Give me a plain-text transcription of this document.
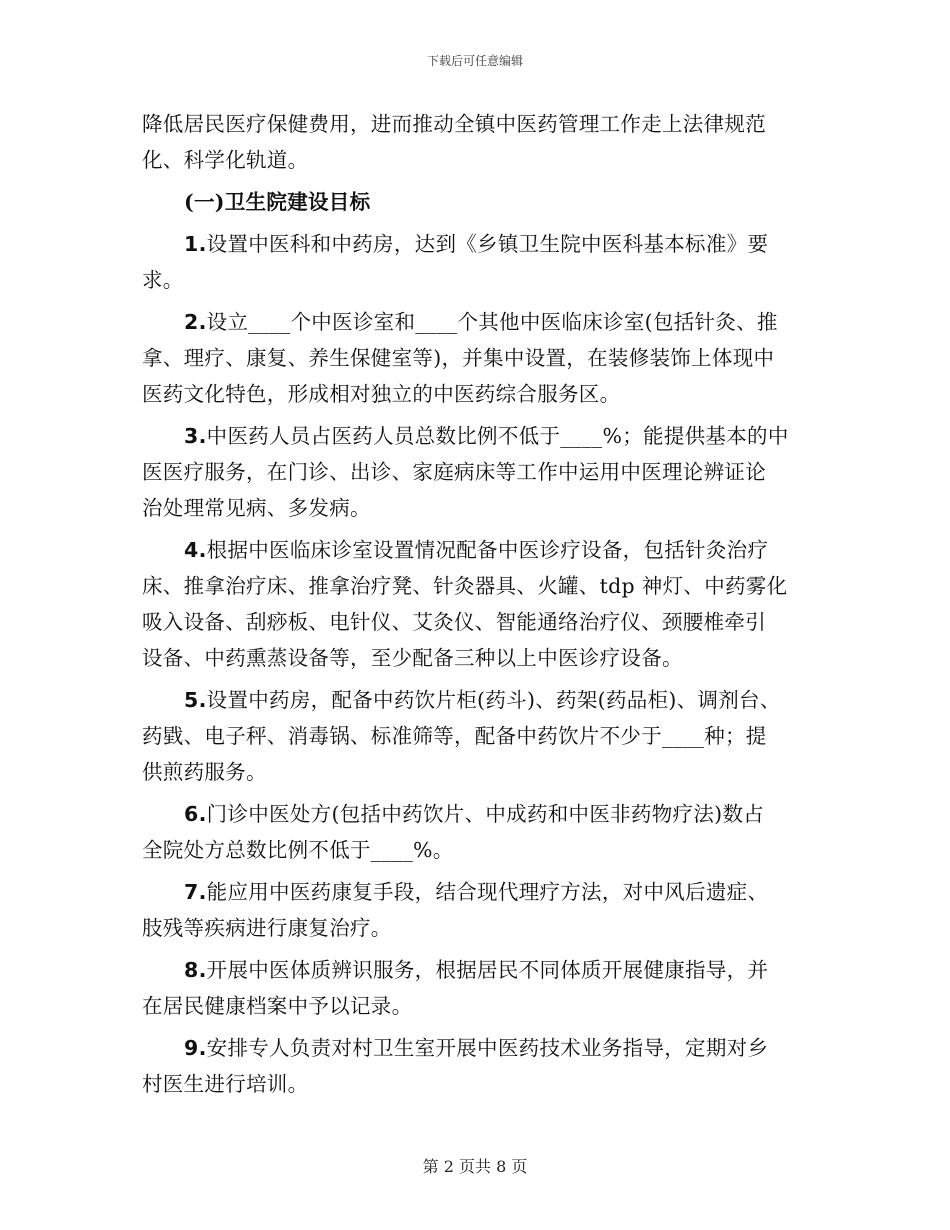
下载后可任意编辑
降低居民医疗保健费用，进而推动全镇中医药管理工作走上法律规范
化、科学化轨道。
(一)卫生院建设目标
1.设置中医科和中药房，达到《乡镇卫生院中医科基本标准》要
求。
2.设立____个中医诊室和____个其他中医临床诊室(包括针灸、推
拿、理疗、康复、养生保健室等)，并集中设置，在装修装饰上体现中
医药文化特色，形成相对独立的中医药综合服务区。
3.中医药人员占医药人员总数比例不低于____%；能提供基本的中
医医疗服务，在门诊、出诊、家庭病床等工作中运用中医理论辨证论
治处理常见病、多发病。
4.根据中医临床诊室设置情况配备中医诊疗设备，包括针灸治疗
床、推拿治疗床、推拿治疗凳、针灸器具、火罐、tdp 神灯、中药雾化
吸入设备、刮痧板、电针仪、艾灸仪、智能通络治疗仪、颈腰椎牵引
设备、中药熏蒸设备等，至少配备三种以上中医诊疗设备。
5.设置中药房，配备中药饮片柜(药斗)、药架(药品柜)、调剂台、
药戥、电子秤、消毒锅、标准筛等，配备中药饮片不少于____种；提
供煎药服务。
6.门诊中医处方(包括中药饮片、中成药和中医非药物疗法)数占
全院处方总数比例不低于____%。
7.能应用中医药康复手段，结合现代理疗方法，对中风后遗症、
肢残等疾病进行康复治疗。
8.开展中医体质辨识服务，根据居民不同体质开展健康指导，并
在居民健康档案中予以记录。
9.安排专人负责对村卫生室开展中医药技术业务指导，定期对乡
村医生进行培训。
第 2 页共 8 页
